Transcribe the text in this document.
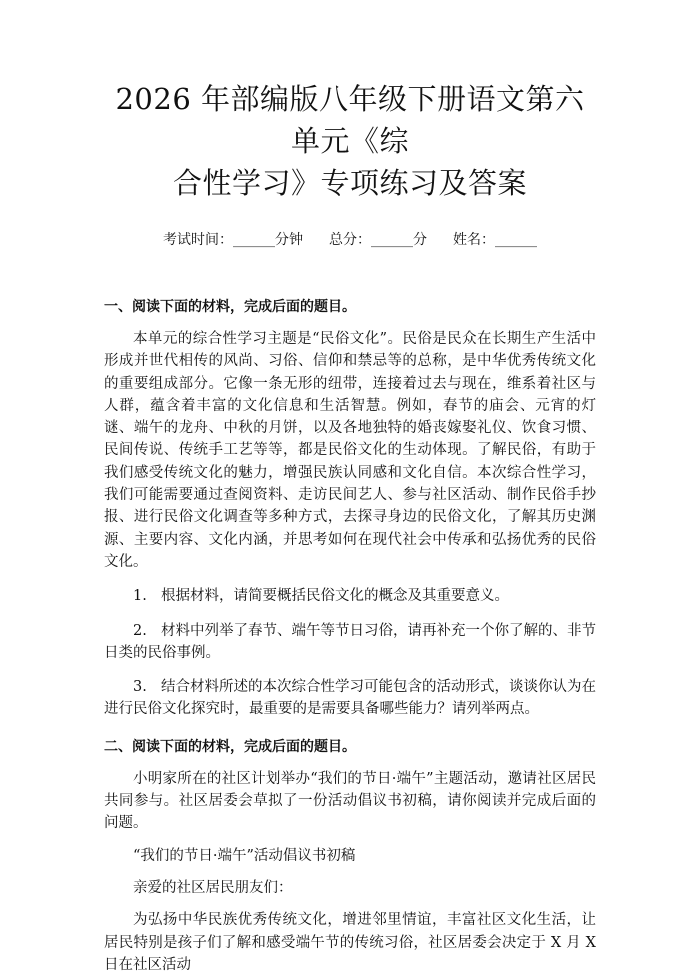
2026 年部编版八年级下册语文第六单元《综
合性学习》专项练习及答案
考试时间：______分钟 总分：______分 姓名：______
一、阅读下面的材料，完成后面的题目。

本单元的综合性学习主题是“民俗文化”。民俗是民众在长期生产生活中形成并世代相传的风尚、习俗、信仰和禁忌等的总称，是中华优秀传统文化的重要组成部分。它像一条无形的纽带，连接着过去与现在，维系着社区与人群，蕴含着丰富的文化信息和生活智慧。例如，春节的庙会、元宵的灯谜、端午的龙舟、中秋的月饼，以及各地独特的婚丧嫁娶礼仪、饮食习惯、民间传说、传统手工艺等等，都是民俗文化的生动体现。了解民俗，有助于我们感受传统文化的魅力，增强民族认同感和文化自信。本次综合性学习，我们可能需要通过查阅资料、走访民间艺人、参与社区活动、制作民俗手抄报、进行民俗文化调查等多种方式，去探寻身边的民俗文化，了解其历史渊源、主要内容、文化内涵，并思考如何在现代社会中传承和弘扬优秀的民俗文化。

1. 根据材料，请简要概括民俗文化的概念及其重要意义。

2. 材料中列举了春节、端午等节日习俗，请再补充一个你了解的、非节日类的民俗事例。

3. 结合材料所述的本次综合性学习可能包含的活动形式，谈谈你认为在进行民俗文化探究时，最重要的是需要具备哪些能力？请列举两点。

二、阅读下面的材料，完成后面的题目。

小明家所在的社区计划举办“我们的节日·端午”主题活动，邀请社区居民共同参与。社区居委会草拟了一份活动倡议书初稿，请你阅读并完成后面的问题。

“我们的节日·端午”活动倡议书初稿

亲爱的社区居民朋友们：

为弘扬中华民族优秀传统文化，增进邻里情谊，丰富社区文化生活，让居民特别是孩子们了解和感受端午节的传统习俗，社区居委会决定于 X 月 X 日在社区活动
